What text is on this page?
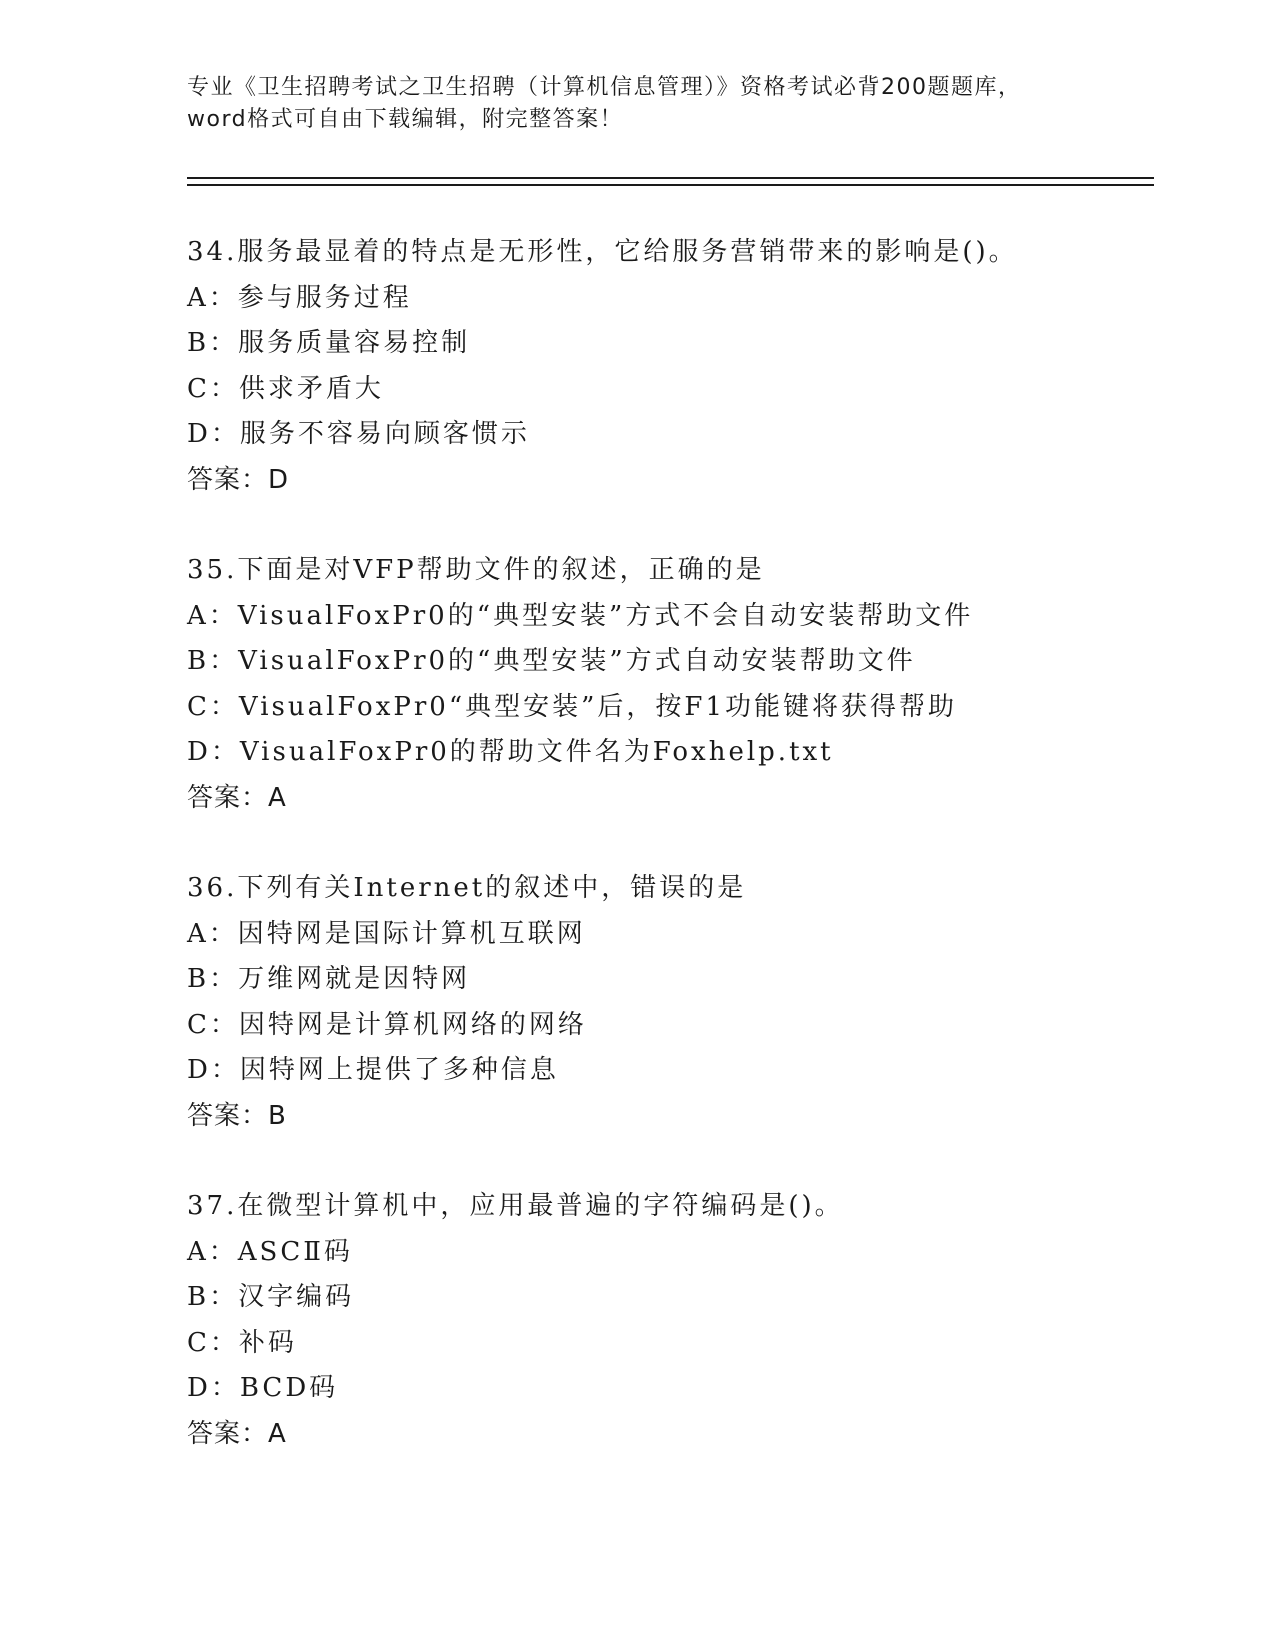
专业《卫生招聘考试之卫生招聘（计算机信息管理）》资格考试必背200题题库，
word格式可自由下载编辑，附完整答案！
34.服务最显着的特点是无形性，它给服务营销带来的影响是()。
A：参与服务过程
B：服务质量容易控制
C：供求矛盾大
D：服务不容易向顾客惯示
答案：D
35.下面是对VFP帮助文件的叙述，正确的是
A：VisualFoxPr0的“典型安装”方式不会自动安装帮助文件
B：VisualFoxPr0的“典型安装”方式自动安装帮助文件
C：VisualFoxPr0“典型安装”后，按F1功能键将获得帮助
D：VisualFoxPr0的帮助文件名为Foxhelp.txt
答案：A
36.下列有关Internet的叙述中，错误的是
A：因特网是国际计算机互联网
B：万维网就是因特网
C：因特网是计算机网络的网络
D：因特网上提供了多种信息
答案：B
37.在微型计算机中，应用最普遍的字符编码是()。
A：ASCⅡ码
B：汉字编码
C：补码
D：BCD码
答案：A
